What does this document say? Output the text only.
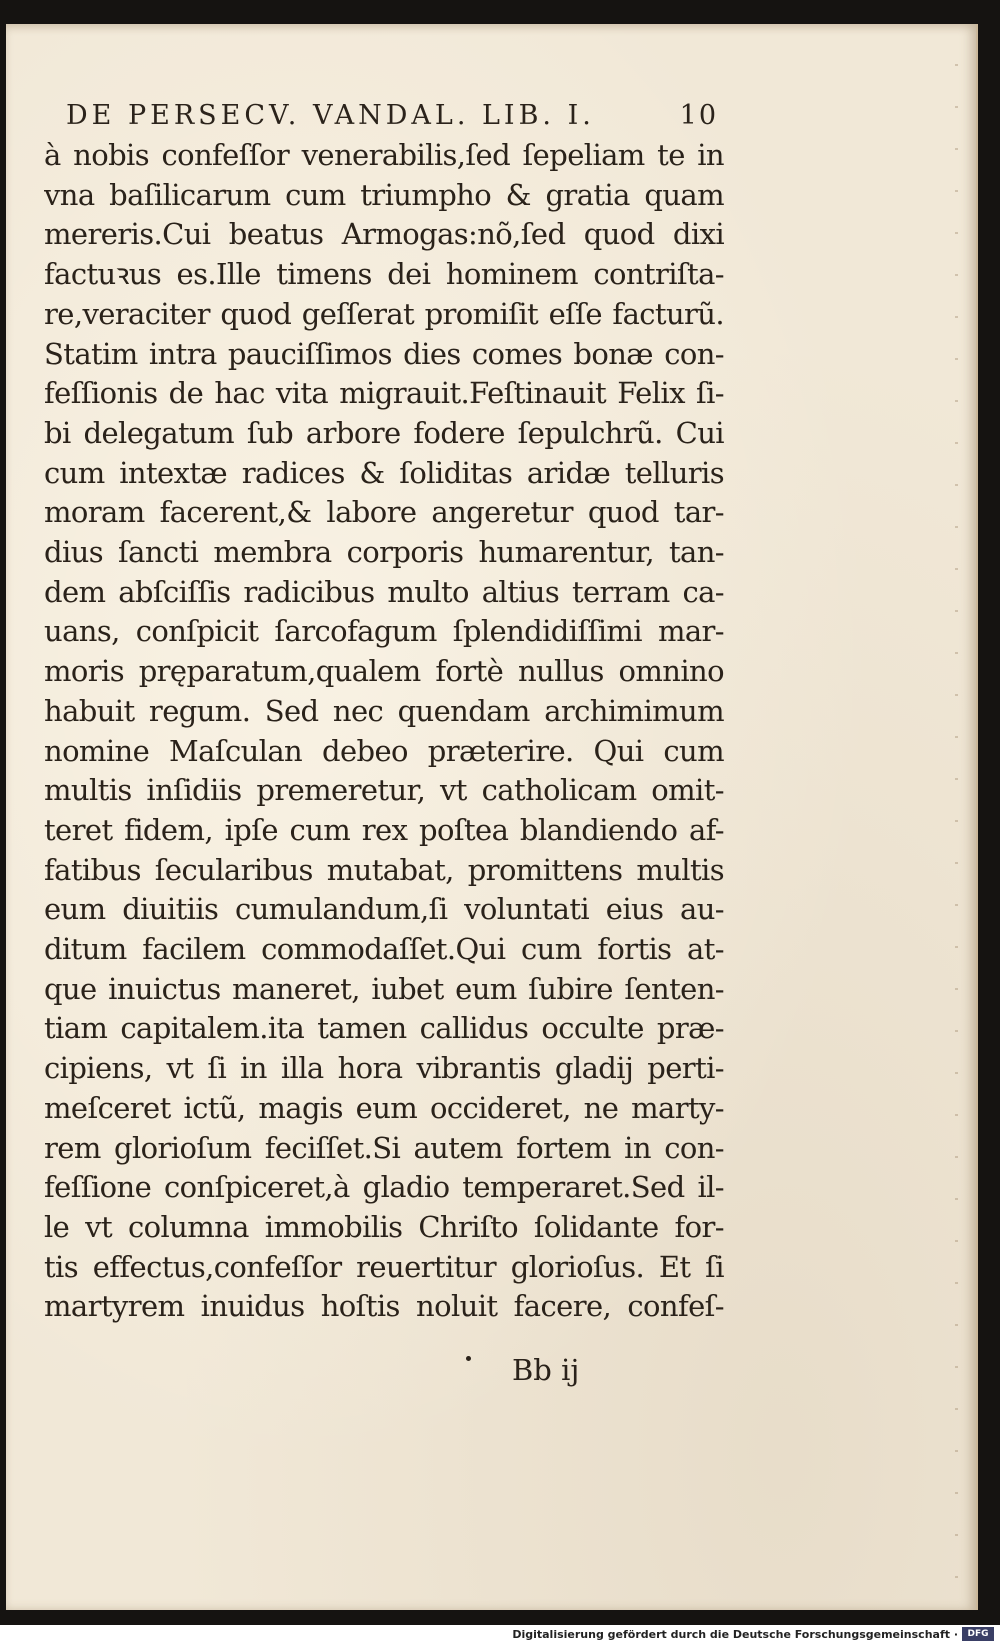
DE PERSECV. VANDAL. LIB. I.	10
à nobis confeſſor venerabilis,ſed ſepeliam te in
vna baſilicarum cum triumpho & gratia quam
mereris.Cui beatus Armogas:nõ,ſed quod dixi
factuꝛus es.Ille timens dei hominem contriſta-
re,veraciter quod geſſerat promiſit eſſe facturũ.
Statim intra pauciſſimos dies comes bonæ con-
feſſionis de hac vita migrauit.Feſtinauit Felix ſi-
bi delegatum ſub arbore fodere ſepulchrũ. Cui
cum intextæ radices & ſoliditas aridæ telluris
moram facerent,& labore angeretur quod tar-
dius ſancti membra corporis humarentur, tan-
dem abſciſſis radicibus multo altius terram ca-
uans, conſpicit ſarcofagum ſplendidiſſimi mar-
moris pręparatum,qualem fortè nullus omnino
habuit regum. Sed nec quendam archimimum
nomine Maſculan debeo præterire. Qui cum
multis inſidiis premeretur, vt catholicam omit-
teret fidem, ipſe cum rex poſtea blandiendo af-
fatibus ſecularibus mutabat, promittens multis
eum diuitiis cumulandum,ſi voluntati eius au-
ditum facilem commodaſſet.Qui cum fortis at-
que inuictus maneret, iubet eum ſubire ſenten-
tiam capitalem.ita tamen callidus occulte præ-
cipiens, vt ſi in illa hora vibrantis gladij perti-
meſceret ictũ, magis eum occideret, ne marty-
rem glorioſum feciſſet.Si autem fortem in con-
feſſione conſpiceret,à gladio temperaret.Sed il-
le vt columna immobilis Chriſto ſolidante for-
tis effectus,confeſſor reuertitur glorioſus. Et ſi
martyrem inuidus hoſtis noluit facere, confeſ-
Bb ij
Digitalisierung gefördert durch die Deutsche Forschungsgemeinschaft ·	DFG
